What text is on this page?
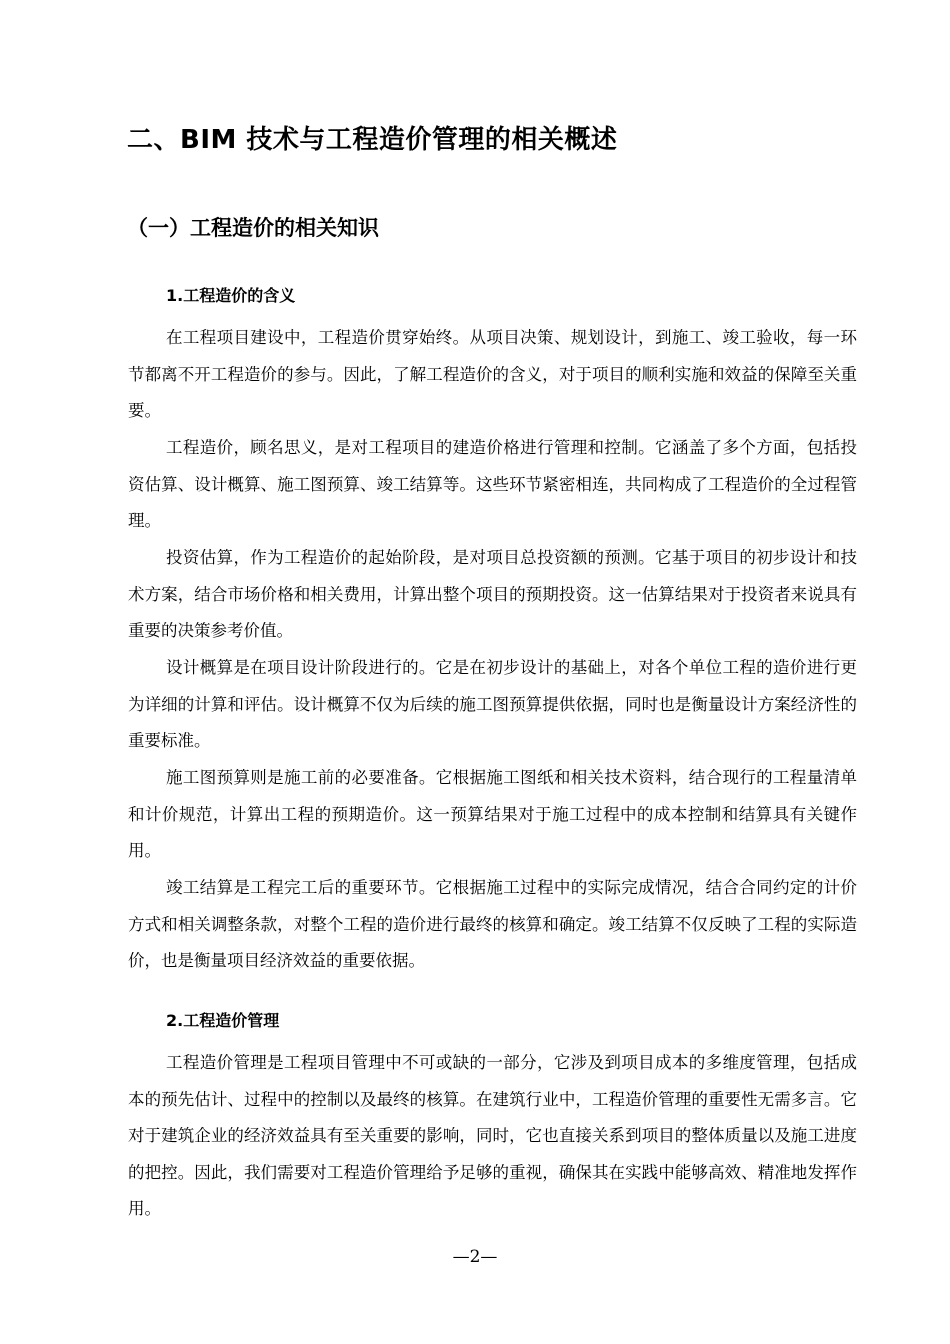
二、BIM 技术与工程造价管理的相关概述
（一）工程造价的相关知识
1.工程造价的含义

在工程项目建设中，工程造价贯穿始终。从项目决策、规划设计，到施工、竣工验收，每一环节都离不开工程造价的参与。因此，了解工程造价的含义，对于项目的顺利实施和效益的保障至关重要。

工程造价，顾名思义，是对工程项目的建造价格进行管理和控制。它涵盖了多个方面，包括投资估算、设计概算、施工图预算、竣工结算等。这些环节紧密相连，共同构成了工程造价的全过程管理。

投资估算，作为工程造价的起始阶段，是对项目总投资额的预测。它基于项目的初步设计和技术方案，结合市场价格和相关费用，计算出整个项目的预期投资。这一估算结果对于投资者来说具有重要的决策参考价值。

设计概算是在项目设计阶段进行的。它是在初步设计的基础上，对各个单位工程的造价进行更为详细的计算和评估。设计概算不仅为后续的施工图预算提供依据，同时也是衡量设计方案经济性的重要标准。

施工图预算则是施工前的必要准备。它根据施工图纸和相关技术资料，结合现行的工程量清单和计价规范，计算出工程的预期造价。这一预算结果对于施工过程中的成本控制和结算具有关键作用。

竣工结算是工程完工后的重要环节。它根据施工过程中的实际完成情况，结合合同约定的计价方式和相关调整条款，对整个工程的造价进行最终的核算和确定。竣工结算不仅反映了工程的实际造价，也是衡量项目经济效益的重要依据。

2.工程造价管理

工程造价管理是工程项目管理中不可或缺的一部分，它涉及到项目成本的多维度管理，包括成本的预先估计、过程中的控制以及最终的核算。在建筑行业中，工程造价管理的重要性无需多言。它对于建筑企业的经济效益具有至关重要的影响，同时，它也直接关系到项目的整体质量以及施工进度的把控。因此，我们需要对工程造价管理给予足够的重视，确保其在实践中能够高效、精准地发挥作用。

—2—
